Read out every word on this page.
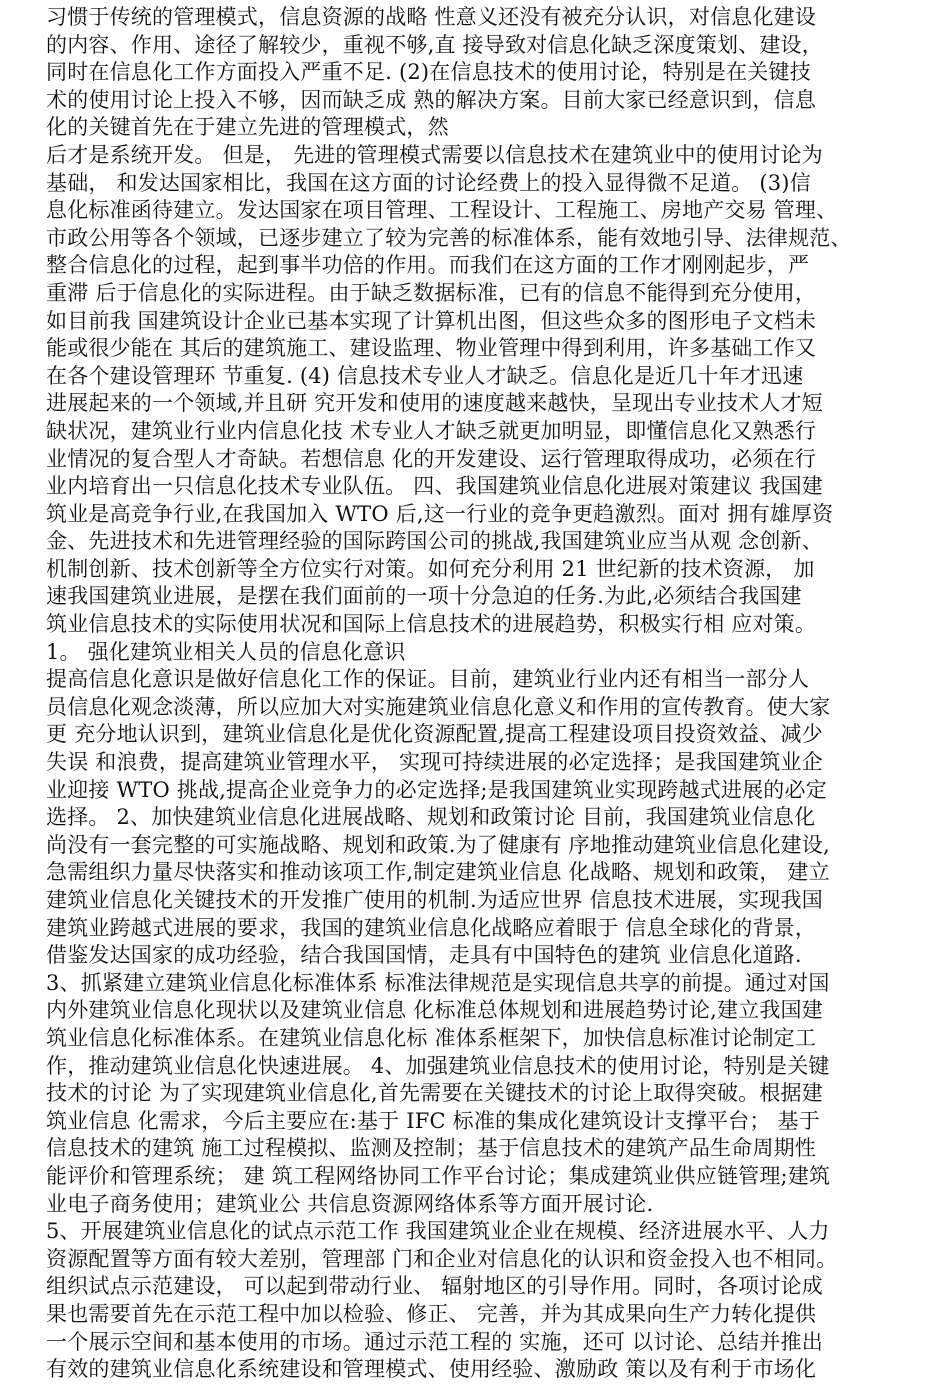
习惯于传统的管理模式，信息资源的战略 性意义还没有被充分认识，对信息化建设
的内容、作用、途径了解较少，重视不够,直 接导致对信息化缺乏深度策划、建设，
同时在信息化工作方面投入严重不足. (2)在信息技术的使用讨论，特别是在关键技
术的使用讨论上投入不够，因而缺乏成 熟的解决方案。目前大家已经意识到，信息
化的关键首先在于建立先进的管理模式，然
后才是系统开发。 但是， 先进的管理模式需要以信息技术在建筑业中的使用讨论为
基础， 和发达国家相比，我国在这方面的讨论经费上的投入显得微不足道。 (3)信
息化标准函待建立。发达国家在项目管理、工程设计、工程施工、房地产交易 管理、
市政公用等各个领域，已逐步建立了较为完善的标准体系，能有效地引导、法律规范、
整合信息化的过程，起到事半功倍的作用。而我们在这方面的工作才刚刚起步，严
重滞 后于信息化的实际进程。由于缺乏数据标准，已有的信息不能得到充分使用，
如目前我 国建筑设计企业已基本实现了计算机出图，但这些众多的图形电子文档未
能或很少能在 其后的建筑施工、建设监理、物业管理中得到利用，许多基础工作又
在各个建设管理环 节重复. (4) 信息技术专业人才缺乏。信息化是近几十年才迅速
进展起来的一个领域,并且研 究开发和使用的速度越来越快，呈现出专业技术人才短
缺状况，建筑业行业内信息化技 术专业人才缺乏就更加明显，即懂信息化又熟悉行
业情况的复合型人才奇缺。若想信息 化的开发建设、运行管理取得成功，必须在行
业内培育出一只信息化技术专业队伍。 四、我国建筑业信息化进展对策建议 我国建
筑业是高竞争行业,在我国加入 WTO 后,这一行业的竞争更趋激烈。面对 拥有雄厚资
金、先进技术和先进管理经验的国际跨国公司的挑战,我国建筑业应当从观 念创新、
机制创新、技术创新等全方位实行对策。如何充分利用 21 世纪新的技术资源， 加
速我国建筑业进展，是摆在我们面前的一项十分急迫的任务.为此,必须结合我国建
筑业信息技术的实际使用状况和国际上信息技术的进展趋势，积极实行相 应对策。
1。 强化建筑业相关人员的信息化意识
提高信息化意识是做好信息化工作的保证。目前，建筑业行业内还有相当一部分人
员信息化观念淡薄，所以应加大对实施建筑业信息化意义和作用的宣传教育。使大家
更 充分地认识到，建筑业信息化是优化资源配置,提高工程建设项目投资效益、减少
失误 和浪费，提高建筑业管理水平， 实现可持续进展的必定选择；是我国建筑业企
业迎接 WTO 挑战,提高企业竞争力的必定选择;是我国建筑业实现跨越式进展的必定
选择。 2、加快建筑业信息化进展战略、规划和政策讨论 目前，我国建筑业信息化
尚没有一套完整的可实施战略、规划和政策.为了健康有 序地推动建筑业信息化建设,
急需组织力量尽快落实和推动该项工作,制定建筑业信息 化战略、规划和政策， 建立
建筑业信息化关键技术的开发推广使用的机制.为适应世界 信息技术进展，实现我国
建筑业跨越式进展的要求，我国的建筑业信息化战略应着眼于 信息全球化的背景，
借鉴发达国家的成功经验，结合我国国情，走具有中国特色的建筑 业信息化道路.
3、抓紧建立建筑业信息化标准体系 标准法律规范是实现信息共享的前提。通过对国
内外建筑业信息化现状以及建筑业信息 化标准总体规划和进展趋势讨论,建立我国建
筑业信息化标准体系。在建筑业信息化标 准体系框架下，加快信息标准讨论制定工
作，推动建筑业信息化快速进展。 4、加强建筑业信息技术的使用讨论，特别是关键
技术的讨论 为了实现建筑业信息化,首先需要在关键技术的讨论上取得突破。根据建
筑业信息 化需求，今后主要应在:基于 IFC 标准的集成化建筑设计支撑平台； 基于
信息技术的建筑 施工过程模拟、监测及控制；基于信息技术的建筑产品生命周期性
能评价和管理系统； 建 筑工程网络协同工作平台讨论；集成建筑业供应链管理;建筑
业电子商务使用；建筑业公 共信息资源网络体系等方面开展讨论.
5、开展建筑业信息化的试点示范工作 我国建筑业企业在规模、经济进展水平、人力
资源配置等方面有较大差别，管理部 门和企业对信息化的认识和资金投入也不相同。
组织试点示范建设， 可以起到带动行业、 辐射地区的引导作用。同时，各项讨论成
果也需要首先在示范工程中加以检验、修正、 完善，并为其成果向生产力转化提供
一个展示空间和基本使用的市场。通过示范工程的 实施，还可 以讨论、总结并推出
有效的建筑业信息化系统建设和管理模式、使用经验、激励政 策以及有利于市场化
